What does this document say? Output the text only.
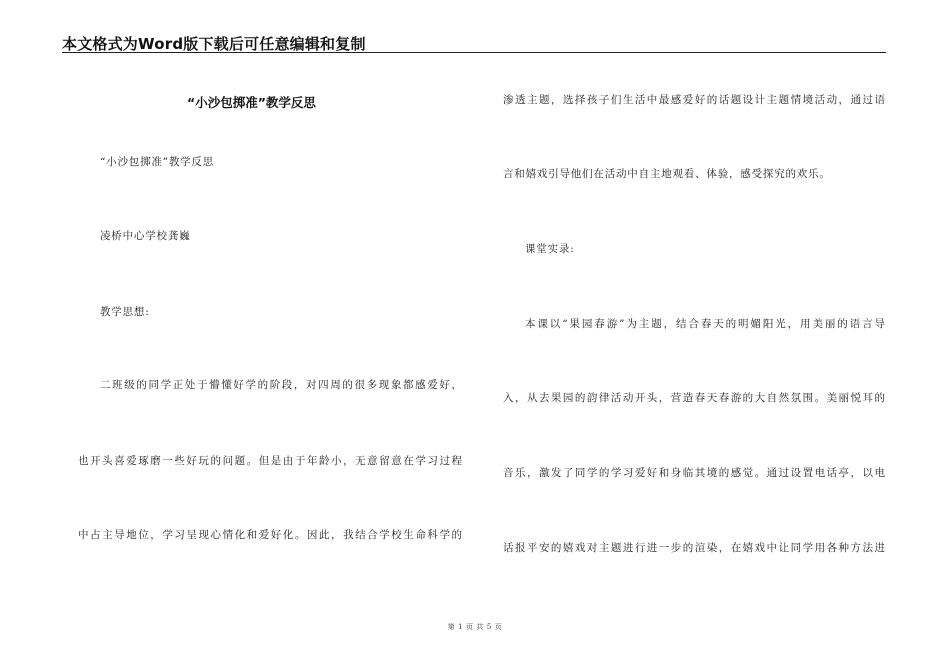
本文格式为Word版下载后可任意编辑和复制
“小沙包掷准”教学反思
“小沙包掷准”教学反思
凌桥中心学校龚巍
教学思想:
二班级的同学正处于懵懂好学的阶段，对四周的很多现象都感爱好，
也开头喜爱琢磨一些好玩的问题。但是由于年龄小，无意留意在学习过程
中占主导地位，学习呈现心情化和爱好化。因此，我结合学校生命科学的
渗透主题，选择孩子们生活中最感爱好的话题设计主题情境活动，通过语
言和嬉戏引导他们在活动中自主地观看、体验，感受探究的欢乐。
课堂实录:
本课以“果园春游”为主题，结合春天的明媚阳光，用美丽的语言导
入，从去果园的韵律活动开头，营造春天春游的大自然氛围。美丽悦耳的
音乐，激发了同学的学习爱好和身临其境的感觉。通过设置电话亭，以电
话报平安的嬉戏对主题进行进一步的渲染，在嬉戏中让同学用各种方法进
第 1 页 共 5 页
